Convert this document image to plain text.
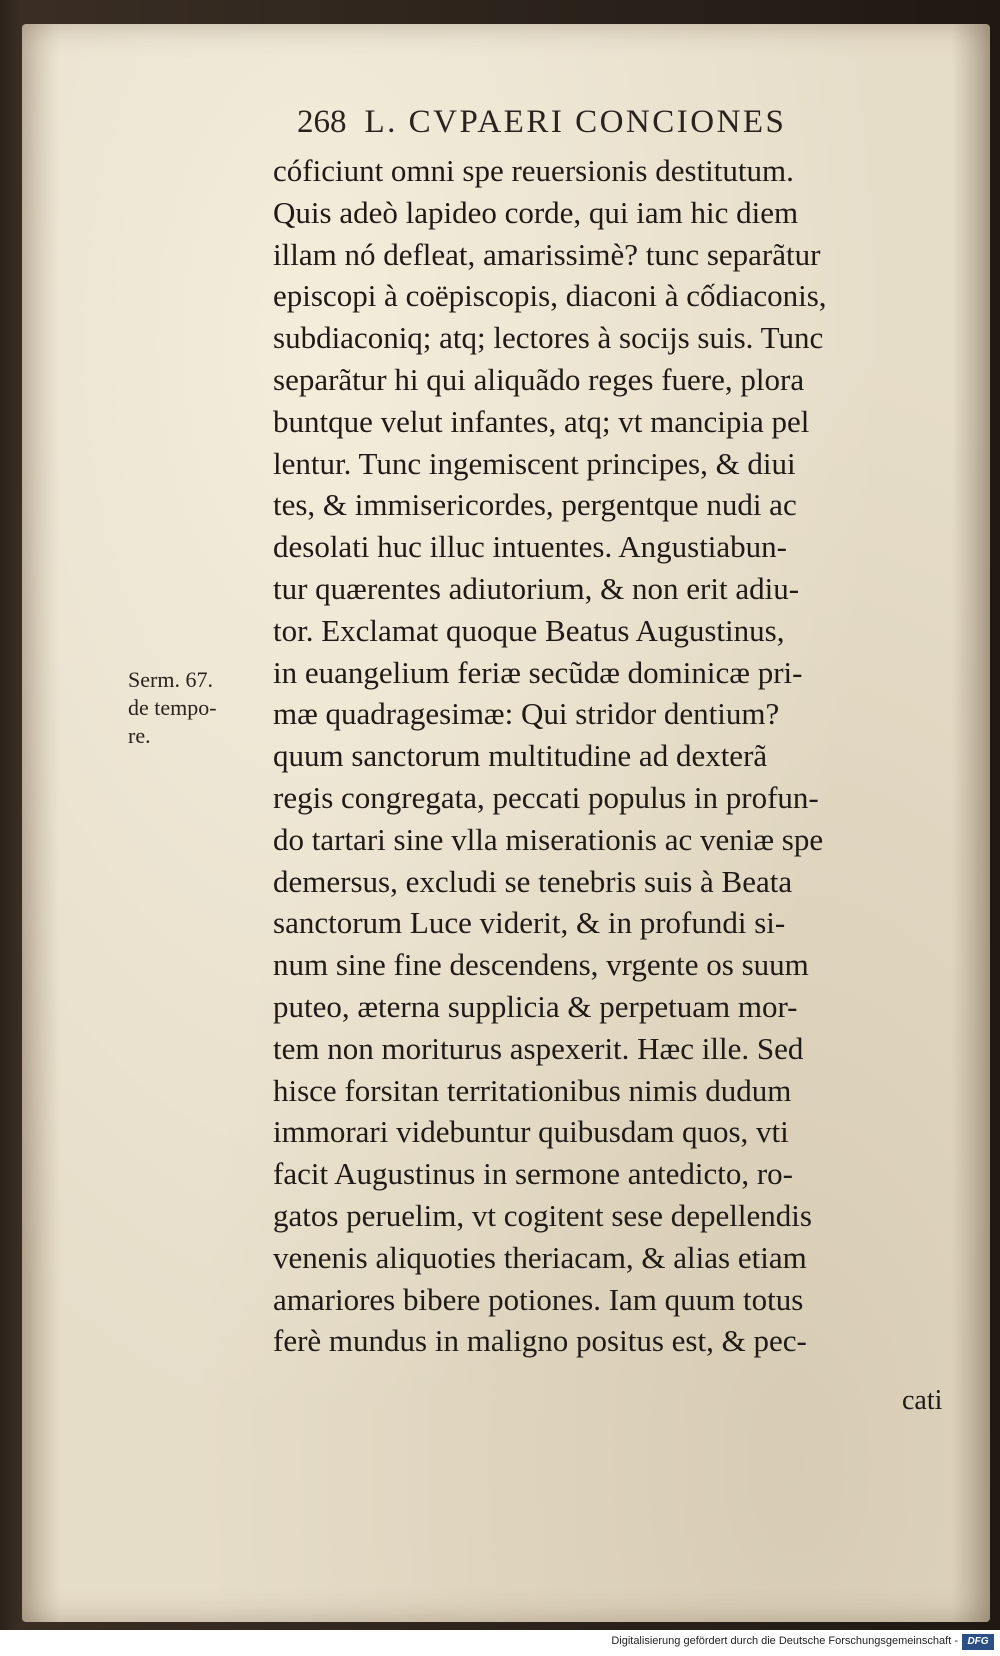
268 L. CVPAERI CONCIONES
cóficiunt omni spe reuersionis destitutum.
Quis adeò lapideo corde, qui iam hic diem
illam nó defleat, amarissimè? tunc separãtur
episcopi à coëpiscopis, diaconi à cốdiaconis,
subdiaconiq; atq; lectores à socijs suis. Tunc
separãtur hi qui aliquãdo reges fuere, plora
buntque velut infantes, atq; vt mancipia pel
lentur. Tunc ingemiscent principes, & diui
tes, & immisericordes, pergentque nudi ac
desolati huc illuc intuentes. Angustiabun-
tur quærentes adiutorium, & non erit adiu-
tor. Exclamat quoque Beatus Augustinus,
in euangelium feriæ secũdæ dominicæ pri-
mæ quadragesimæ: Qui stridor dentium?
quum sanctorum multitudine ad dexterã
regis congregata, peccati populus in profun-
do tartari sine vlla miserationis ac veniæ spe
demersus, excludi se tenebris suis à Beata
sanctorum Luce viderit, & in profundi si-
num sine fine descendens, vrgente os suum
puteo, æterna supplicia & perpetuam mor-
tem non moriturus aspexerit. Hæc ille. Sed
hisce forsitan territationibus nimis dudum
immorari videbuntur quibusdam quos, vti
facit Augustinus in sermone antedicto, ro-
gatos peruelim, vt cogitent sese depellendis
venenis aliquoties theriacam, & alias etiam
amariores bibere potiones. Iam quum totus
ferè mundus in maligno positus est, & pec-
Serm. 67.
de tempo-
re.
cati
Digitalisierung gefördert durch die Deutsche Forschungsgemeinschaft - DFG
